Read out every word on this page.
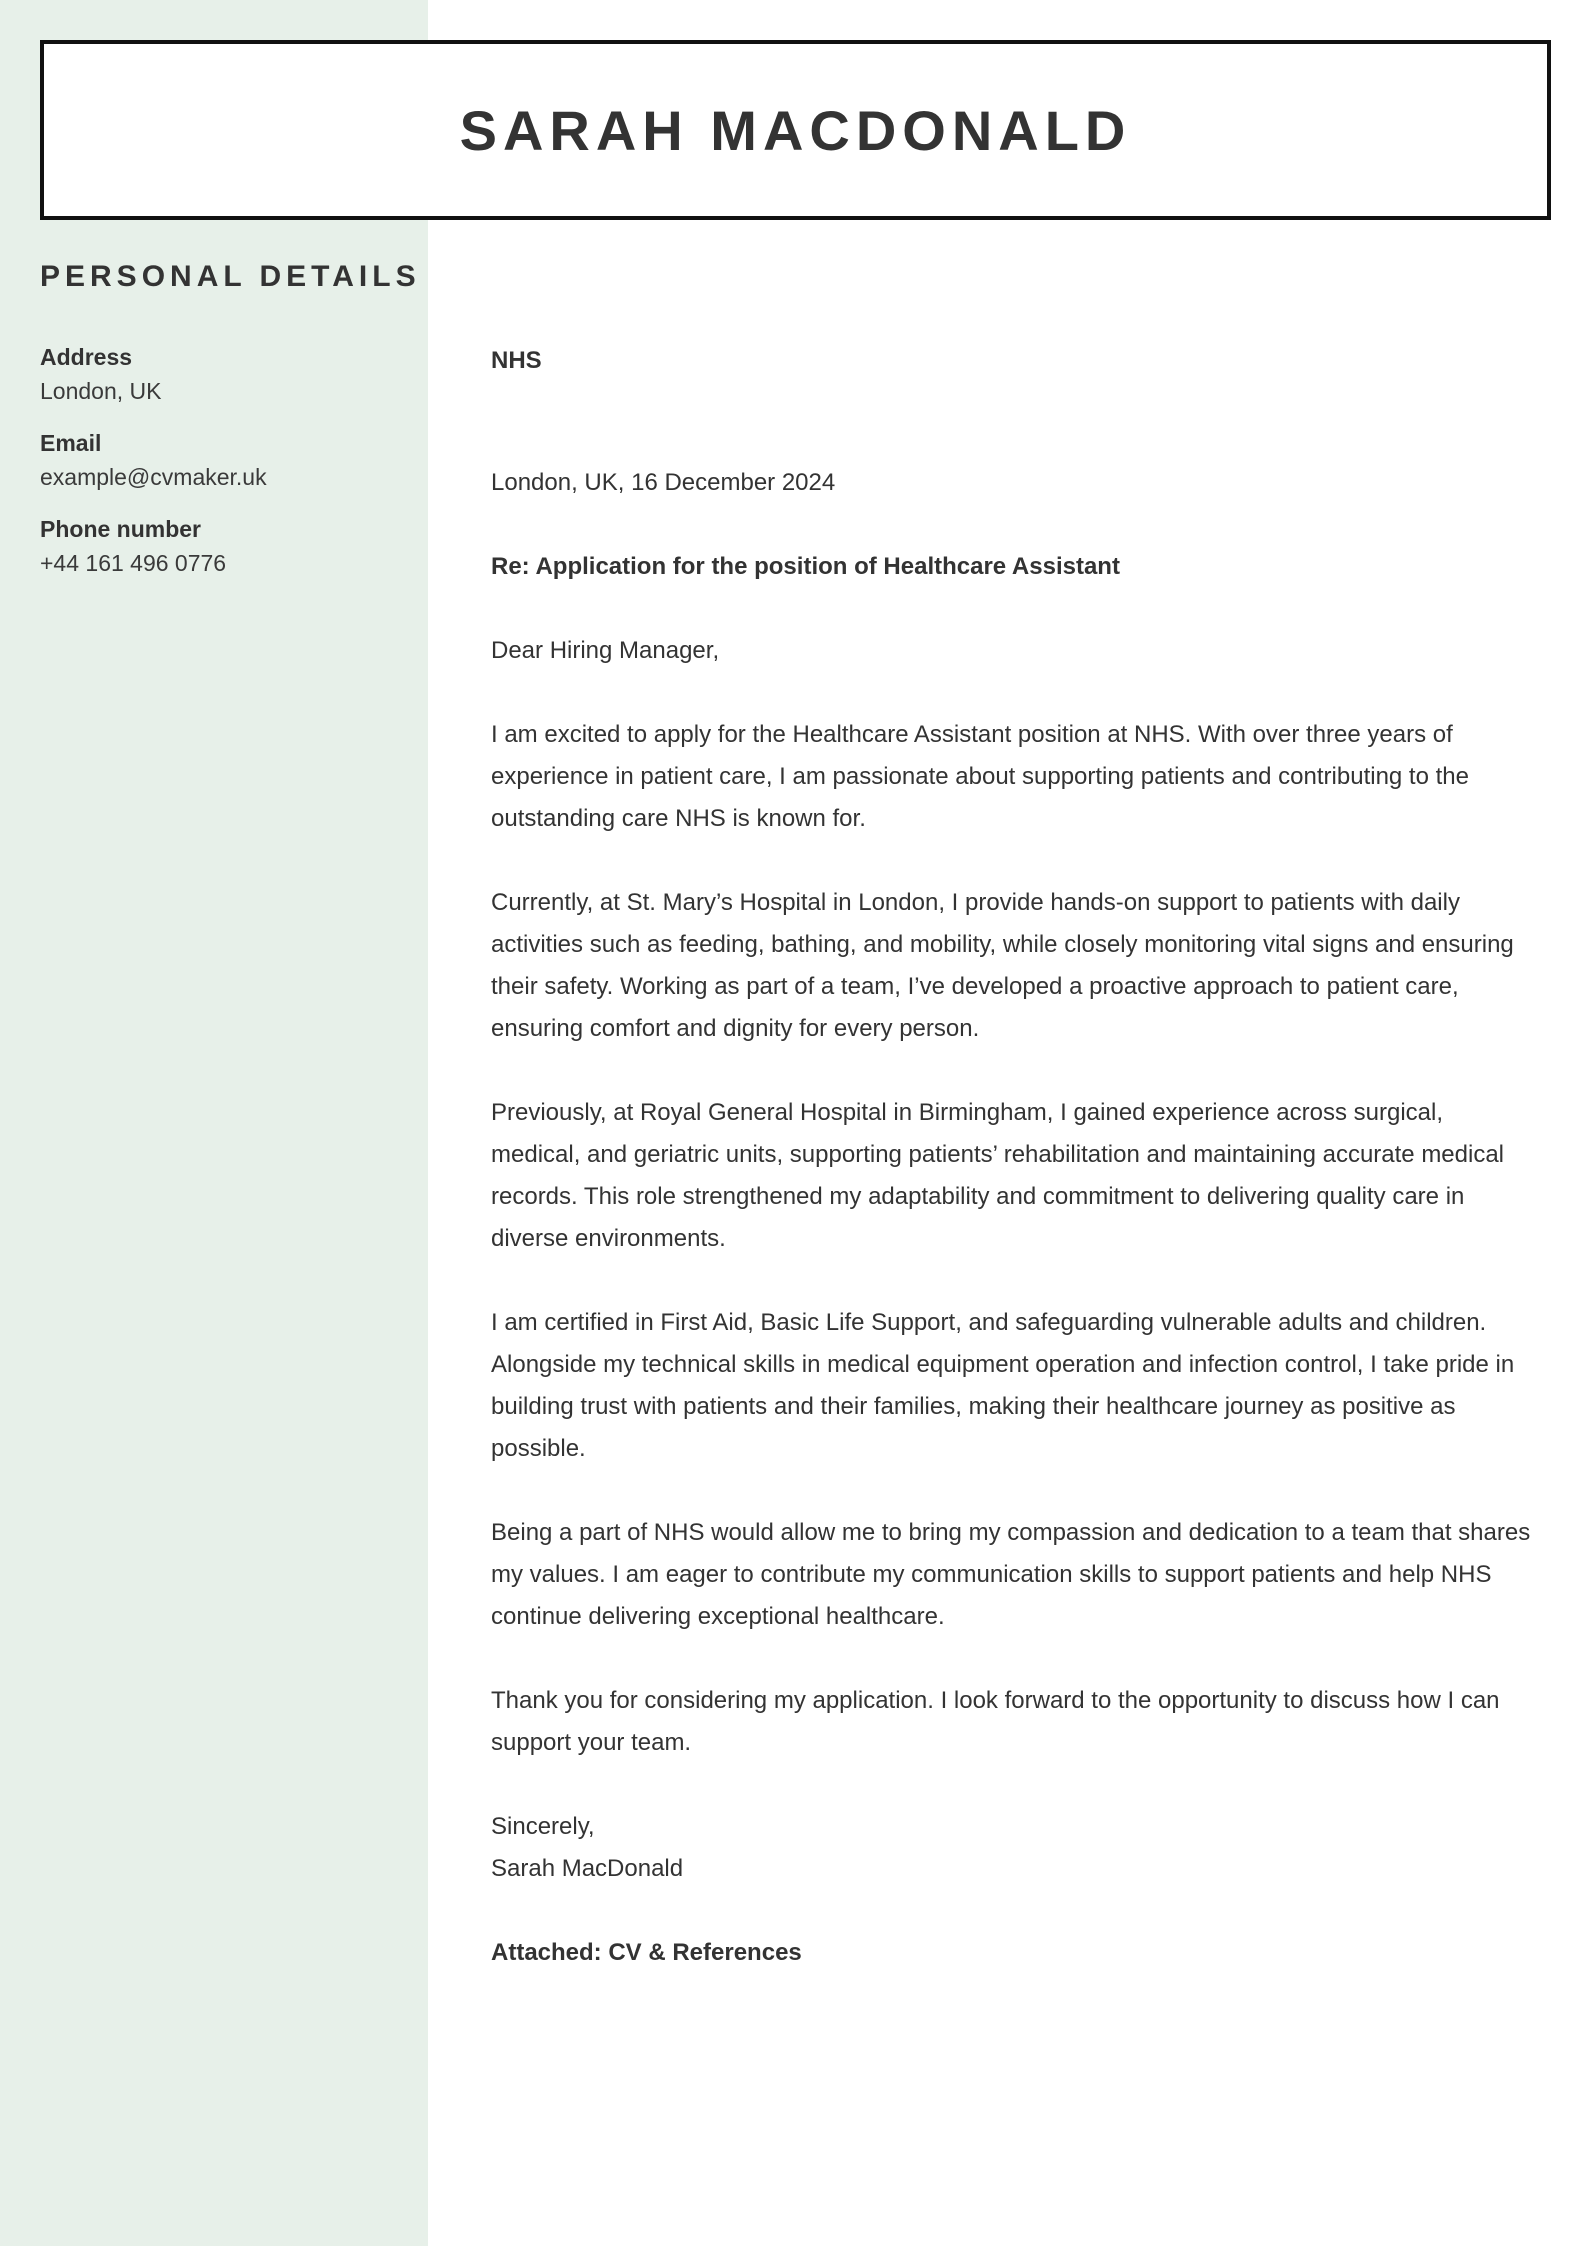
SARAH MACDONALD
PERSONAL DETAILS
Address
London, UK
Email
example@cvmaker.uk
Phone number
+44 161 496 0776

NHS

London, UK, 16 December 2024

Re: Application for the position of Healthcare Assistant

Dear Hiring Manager,

I am excited to apply for the Healthcare Assistant position at NHS. With over three years of experience in patient care, I am passionate about supporting patients and contributing to the outstanding care NHS is known for.

Currently, at St. Mary’s Hospital in London, I provide hands-on support to patients with daily activities such as feeding, bathing, and mobility, while closely monitoring vital signs and ensuring their safety. Working as part of a team, I’ve developed a proactive approach to patient care, ensuring comfort and dignity for every person.

Previously, at Royal General Hospital in Birmingham, I gained experience across surgical, medical, and geriatric units, supporting patients’ rehabilitation and maintaining accurate medical records. This role strengthened my adaptability and commitment to delivering quality care in diverse environments.

I am certified in First Aid, Basic Life Support, and safeguarding vulnerable adults and children. Alongside my technical skills in medical equipment operation and infection control, I take pride in building trust with patients and their families, making their healthcare journey as positive as possible.

Being a part of NHS would allow me to bring my compassion and dedication to a team that shares my values. I am eager to contribute my communication skills to support patients and help NHS continue delivering exceptional healthcare.

Thank you for considering my application. I look forward to the opportunity to discuss how I can support your team.

Sincerely,
Sarah MacDonald

Attached: CV & References
